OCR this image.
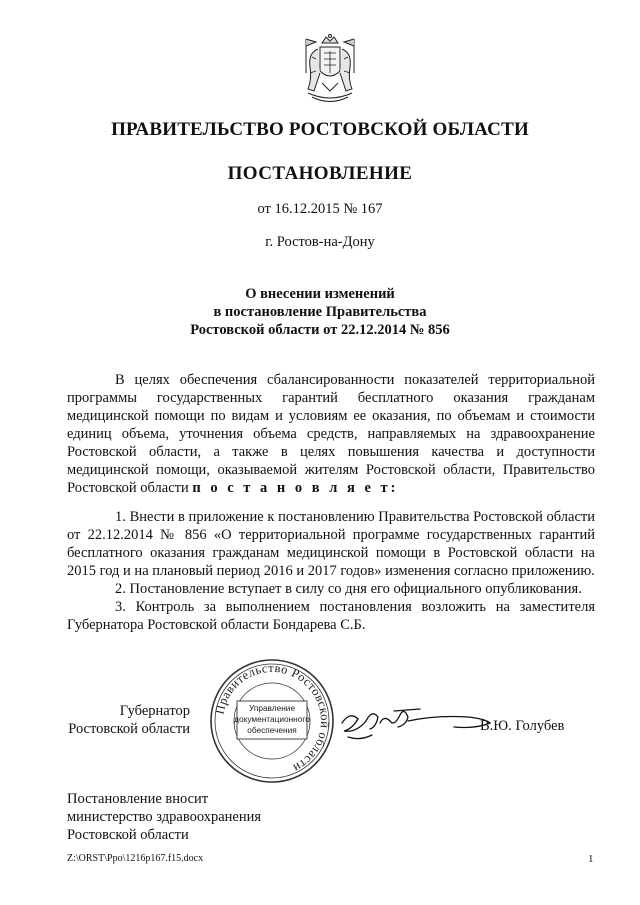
ПРАВИТЕЛЬСТВО РОСТОВСКОЙ ОБЛАСТИ
ПОСТАНОВЛЕНИЕ
от 16.12.2015 № 167
г. Ростов-на-Дону
О внесении изменений
в постановление Правительства
Ростовской области от 22.12.2014 № 856
В целях обеспечения сбалансированности показателей территориальной программы государственных гарантий бесплатного оказания гражданам медицинской помощи по видам и условиям ее оказания, по объемам и стоимости единиц объема, уточнения объема средств, направляемых на здравоохранение Ростовской области, а также в целях повышения качества и доступности медицинской помощи, оказываемой жителям Ростовской области, Правительство Ростовской области п о с т а н о в л я е т:
1. Внести в приложение к постановлению Правительства Ростовской области от 22.12.2014 № 856 «О территориальной программе государственных гарантий бесплатного оказания гражданам медицинской помощи в Ростовской области на 2015 год и на плановый период 2016 и 2017 годов» изменения согласно приложению.
2. Постановление вступает в силу со дня его официального опубликования.
3. Контроль за выполнением постановления возложить на заместителя Губернатора Ростовской области Бондарева С.Б.
Губернатор
Ростовской области
Правительство Ростовской области
Управление
документационного
обеспечения	В.Ю. Голубев
Постановление вносит
министерство здравоохранения
Ростовской области
Z:\ORST\Ppo\1216p167.f15.docx	1
